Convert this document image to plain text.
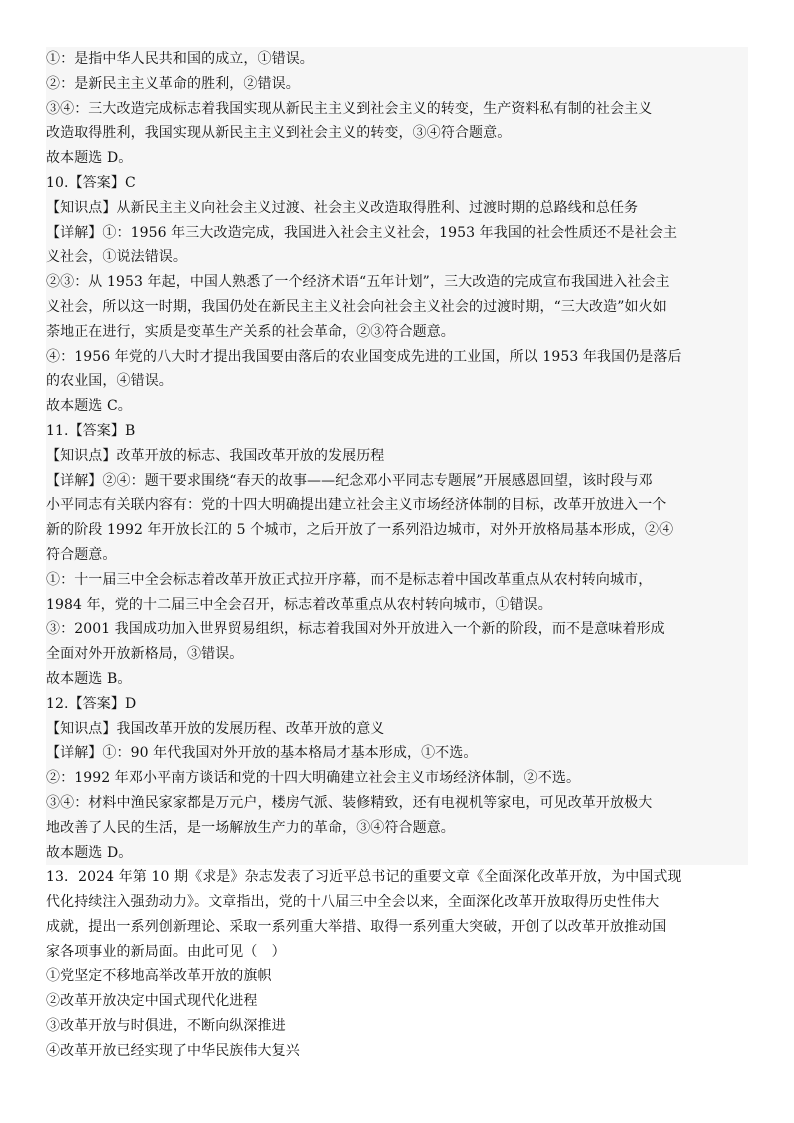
①：是指中华人民共和国的成立，①错误。
②：是新民主主义革命的胜利，②错误。
③④：三大改造完成标志着我国实现从新民主主义到社会主义的转变，生产资料私有制的社会主义
改造取得胜利，我国实现从新民主主义到社会主义的转变，③④符合题意。
故本题选 D。
10.【答案】C
【知识点】从新民主主义向社会主义过渡、社会主义改造取得胜利、过渡时期的总路线和总任务
【详解】①：1956 年三大改造完成，我国进入社会主义社会，1953 年我国的社会性质还不是社会主
义社会，①说法错误。
②③：从 1953 年起，中国人熟悉了一个经济术语“五年计划”，三大改造的完成宣布我国进入社会主
义社会，所以这一时期，我国仍处在新民主主义社会向社会主义社会的过渡时期，“三大改造”如火如
荼地正在进行，实质是变革生产关系的社会革命，②③符合题意。
④：1956 年党的八大时才提出我国要由落后的农业国变成先进的工业国，所以 1953 年我国仍是落后
的农业国，④错误。
故本题选 C。
11.【答案】B
【知识点】改革开放的标志、我国改革开放的发展历程
【详解】②④：题干要求围绕“春天的故事——纪念邓小平同志专题展”开展感恩回望，该时段与邓
小平同志有关联内容有：党的十四大明确提出建立社会主义市场经济体制的目标，改革开放进入一个
新的阶段 1992 年开放长江的 5 个城市，之后开放了一系列沿边城市，对外开放格局基本形成，②④
符合题意。
①：十一届三中全会标志着改革开放正式拉开序幕，而不是标志着中国改革重点从农村转向城市，
1984 年，党的十二届三中全会召开，标志着改革重点从农村转向城市，①错误。
③：2001 我国成功加入世界贸易组织，标志着我国对外开放进入一个新的阶段，而不是意味着形成
全面对外开放新格局，③错误。
故本题选 B。
12.【答案】D
【知识点】我国改革开放的发展历程、改革开放的意义
【详解】①：90 年代我国对外开放的基本格局才基本形成，①不选。
②：1992 年邓小平南方谈话和党的十四大明确建立社会主义市场经济体制，②不选。
③④：材料中渔民家家都是万元户，楼房气派、装修精致，还有电视机等家电，可见改革开放极大
地改善了人民的生活，是一场解放生产力的革命，③④符合题意。
故本题选 D。
13．2024 年第 10 期《求是》杂志发表了习近平总书记的重要文章《全面深化改革开放，为中国式现
代化持续注入强劲动力》。文章指出，党的十八届三中全会以来，全面深化改革开放取得历史性伟大
成就，提出一系列创新理论、采取一系列重大举措、取得一系列重大突破，开创了以改革开放推动国
家各项事业的新局面。由此可见（　）
①党坚定不移地高举改革开放的旗帜
②改革开放决定中国式现代化进程
③改革开放与时俱进，不断向纵深推进
④改革开放已经实现了中华民族伟大复兴
